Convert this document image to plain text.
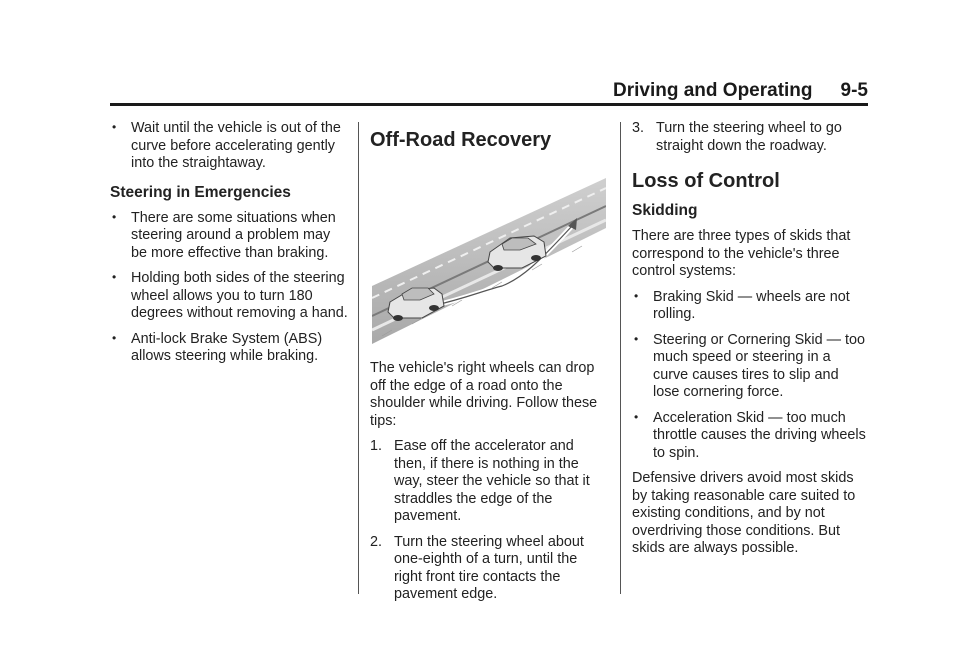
Driving and Operating 9-5
• Wait until the vehicle is out of the curve before accelerating gently into the straightaway.
Steering in Emergencies
• There are some situations when steering around a problem may be more effective than braking.
• Holding both sides of the steering wheel allows you to turn 180 degrees without removing a hand.
• Anti-lock Brake System (ABS) allows steering while braking.
Off-Road Recovery

The vehicle's right wheels can drop off the edge of a road onto the shoulder while driving. Follow these tips:

1. Ease off the accelerator and then, if there is nothing in the way, steer the vehicle so that it straddles the edge of the pavement.
2. Turn the steering wheel about one-eighth of a turn, until the right front tire contacts the pavement edge.
3. Turn the steering wheel to go straight down the roadway.
Loss of Control
Skidding

There are three types of skids that correspond to the vehicle's three control systems:

• Braking Skid — wheels are not rolling.
• Steering or Cornering Skid — too much speed or steering in a curve causes tires to slip and lose cornering force.
• Acceleration Skid — too much throttle causes the driving wheels to spin.

Defensive drivers avoid most skids by taking reasonable care suited to existing conditions, and by not overdriving those conditions. But skids are always possible.
